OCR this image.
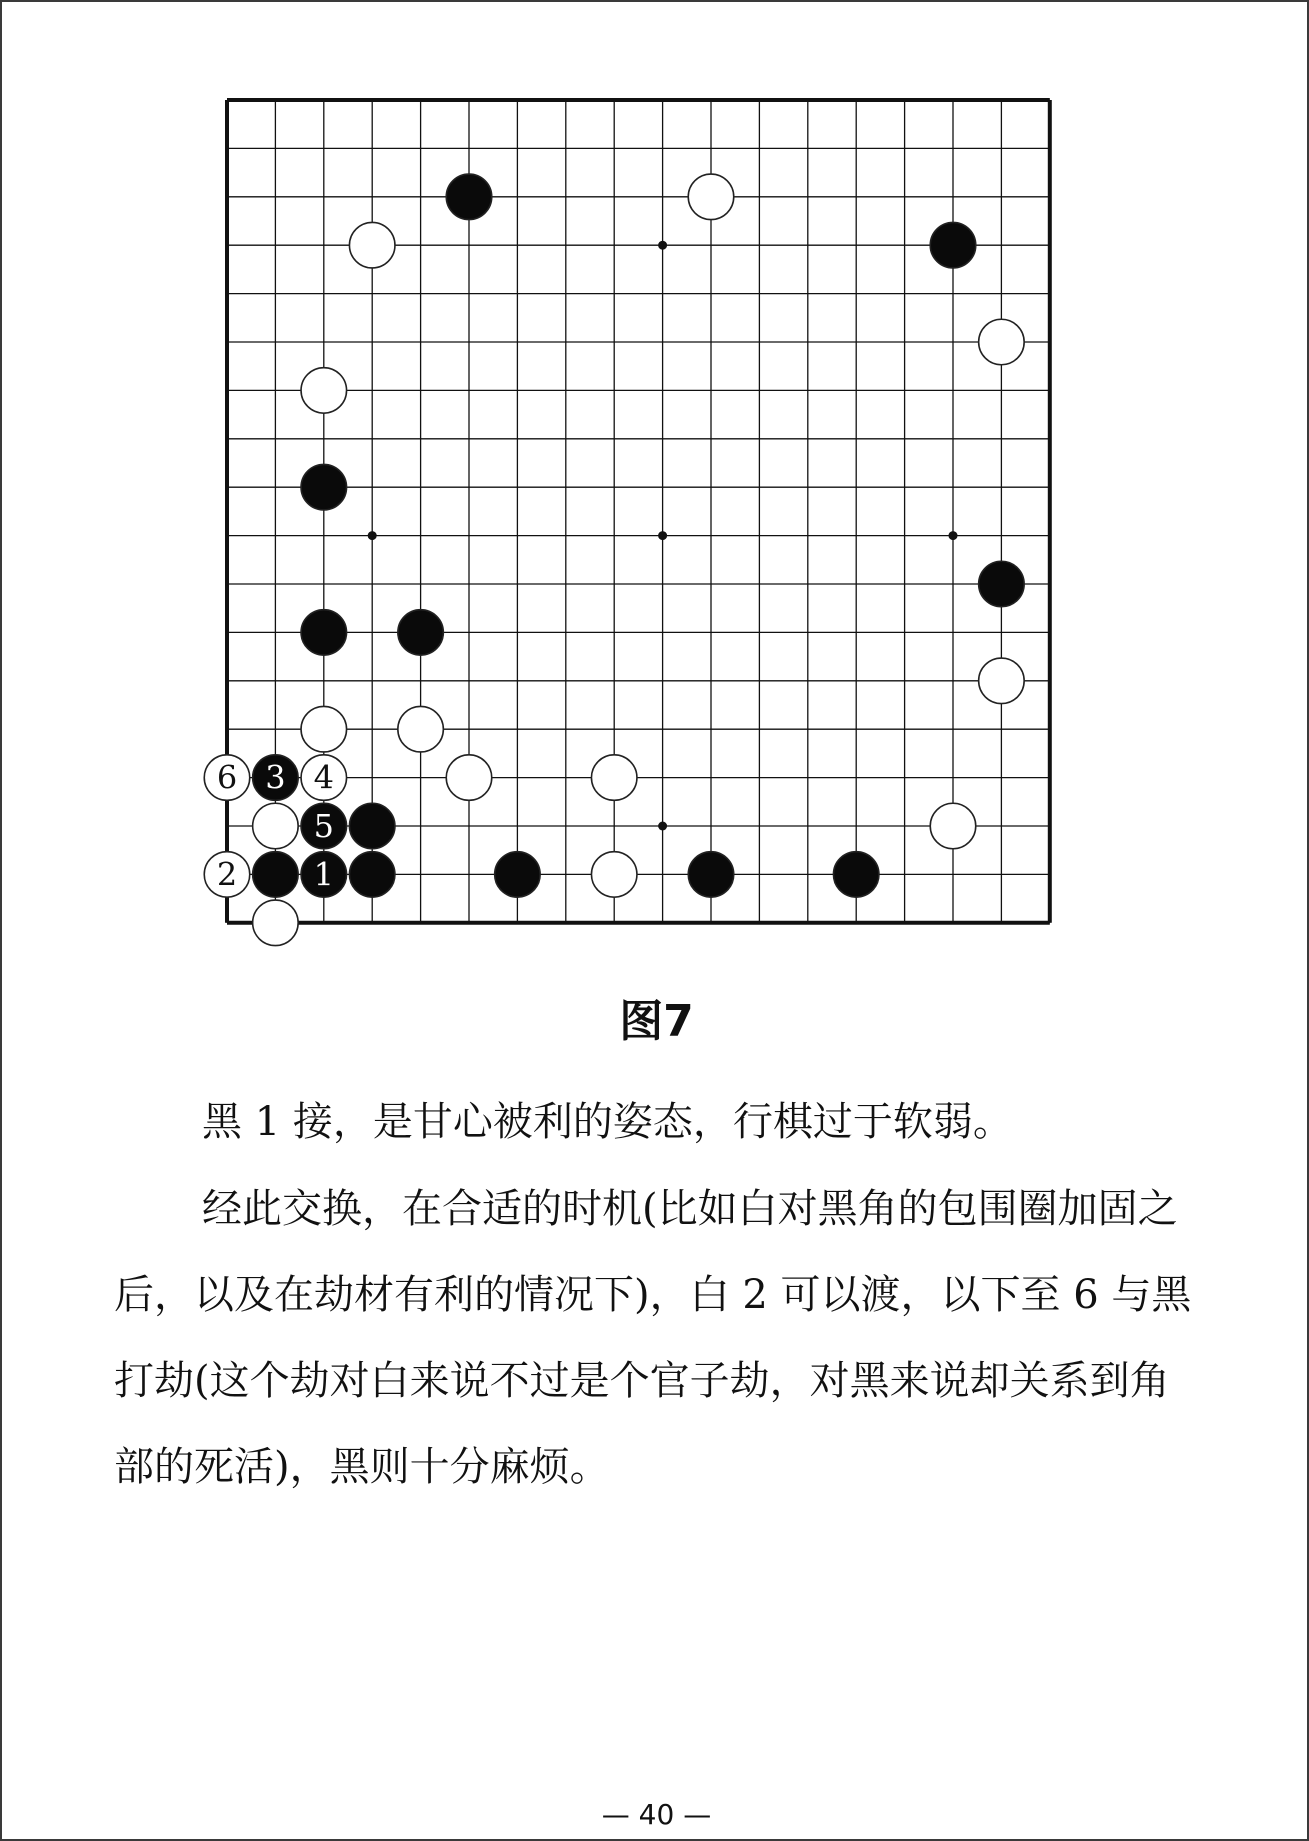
6 3 4
5
2 1
图7

黑 1 接，是甘心被利的姿态，行棋过于软弱。

经此交换，在合适的时机(比如白对黑角的包围圈加固之后，以及在劫材有利的情况下)，白 2 可以渡，以下至 6 与黑打劫(这个劫对白来说不过是个官子劫，对黑来说却关系到角部的死活)，黑则十分麻烦。

— 40 —
